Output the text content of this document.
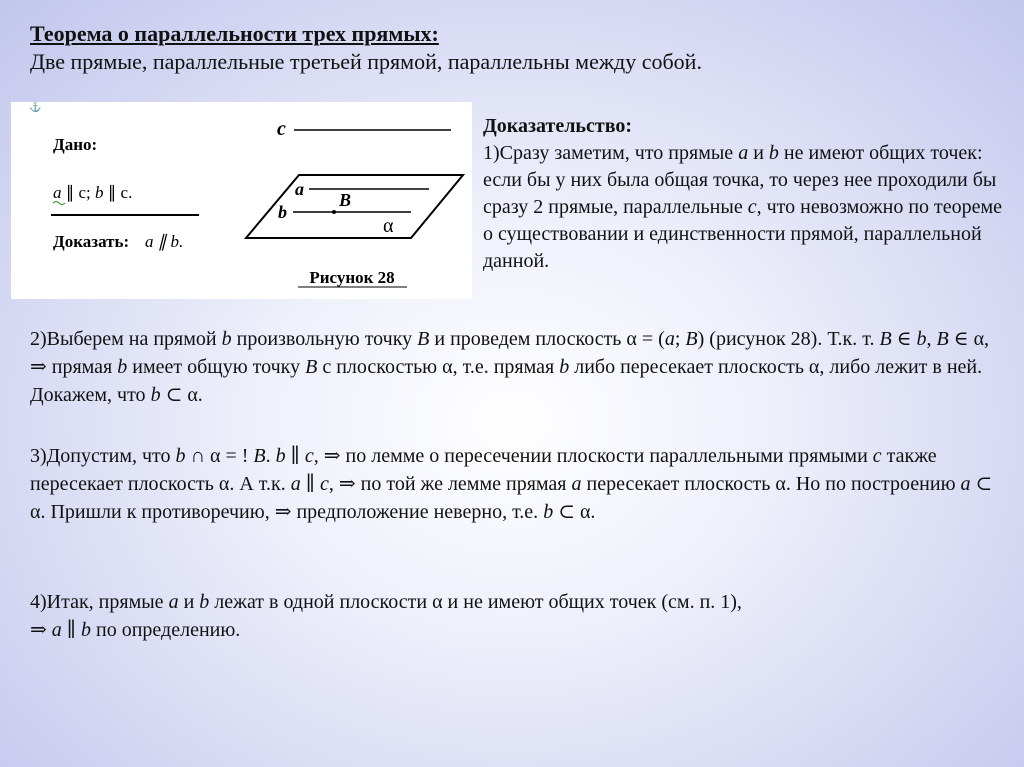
Теорема о параллельности трех прямых:
Две прямые, параллельные третьей прямой, параллельны между собой.
⚓
Дано:
a ∥ c; b ∥ c.
Доказать: a ∥ b.
c
a
b
B
α
Рисунок 28
Доказательство:
1)Сразу заметим, что прямые a и b не имеют общих точек: если бы у них была общая точка, то через нее проходили бы сразу 2 прямые, параллельные c, что невозможно по теореме о существовании и единственности прямой, параллельной данной.
2)Выберем на прямой b произвольную точку B и проведем плоскость α = (a; B) (рисунок 28). Т.к. т. B ∈ b, B ∈ α, ⇒ прямая b имеет общую точку B с плоскостью α, т.е. прямая b либо пересекает плоскость α, либо лежит в ней. Докажем, что b ⊂ α.
3)Допустим, что b ∩ α = ! B. b ∥ c, ⇒ по лемме о пересечении плоскости параллельными прямыми c также пересекает плоскость α. А т.к. a ∥ c, ⇒ по той же лемме прямая a пересекает плоскость α. Но по построению a ⊂ α. Пришли к противоречию, ⇒ предположение неверно, т.е. b ⊂ α.
4)Итак, прямые a и b лежат в одной плоскости α и не имеют общих точек (см. п. 1),
⇒ a ∥ b по определению.
